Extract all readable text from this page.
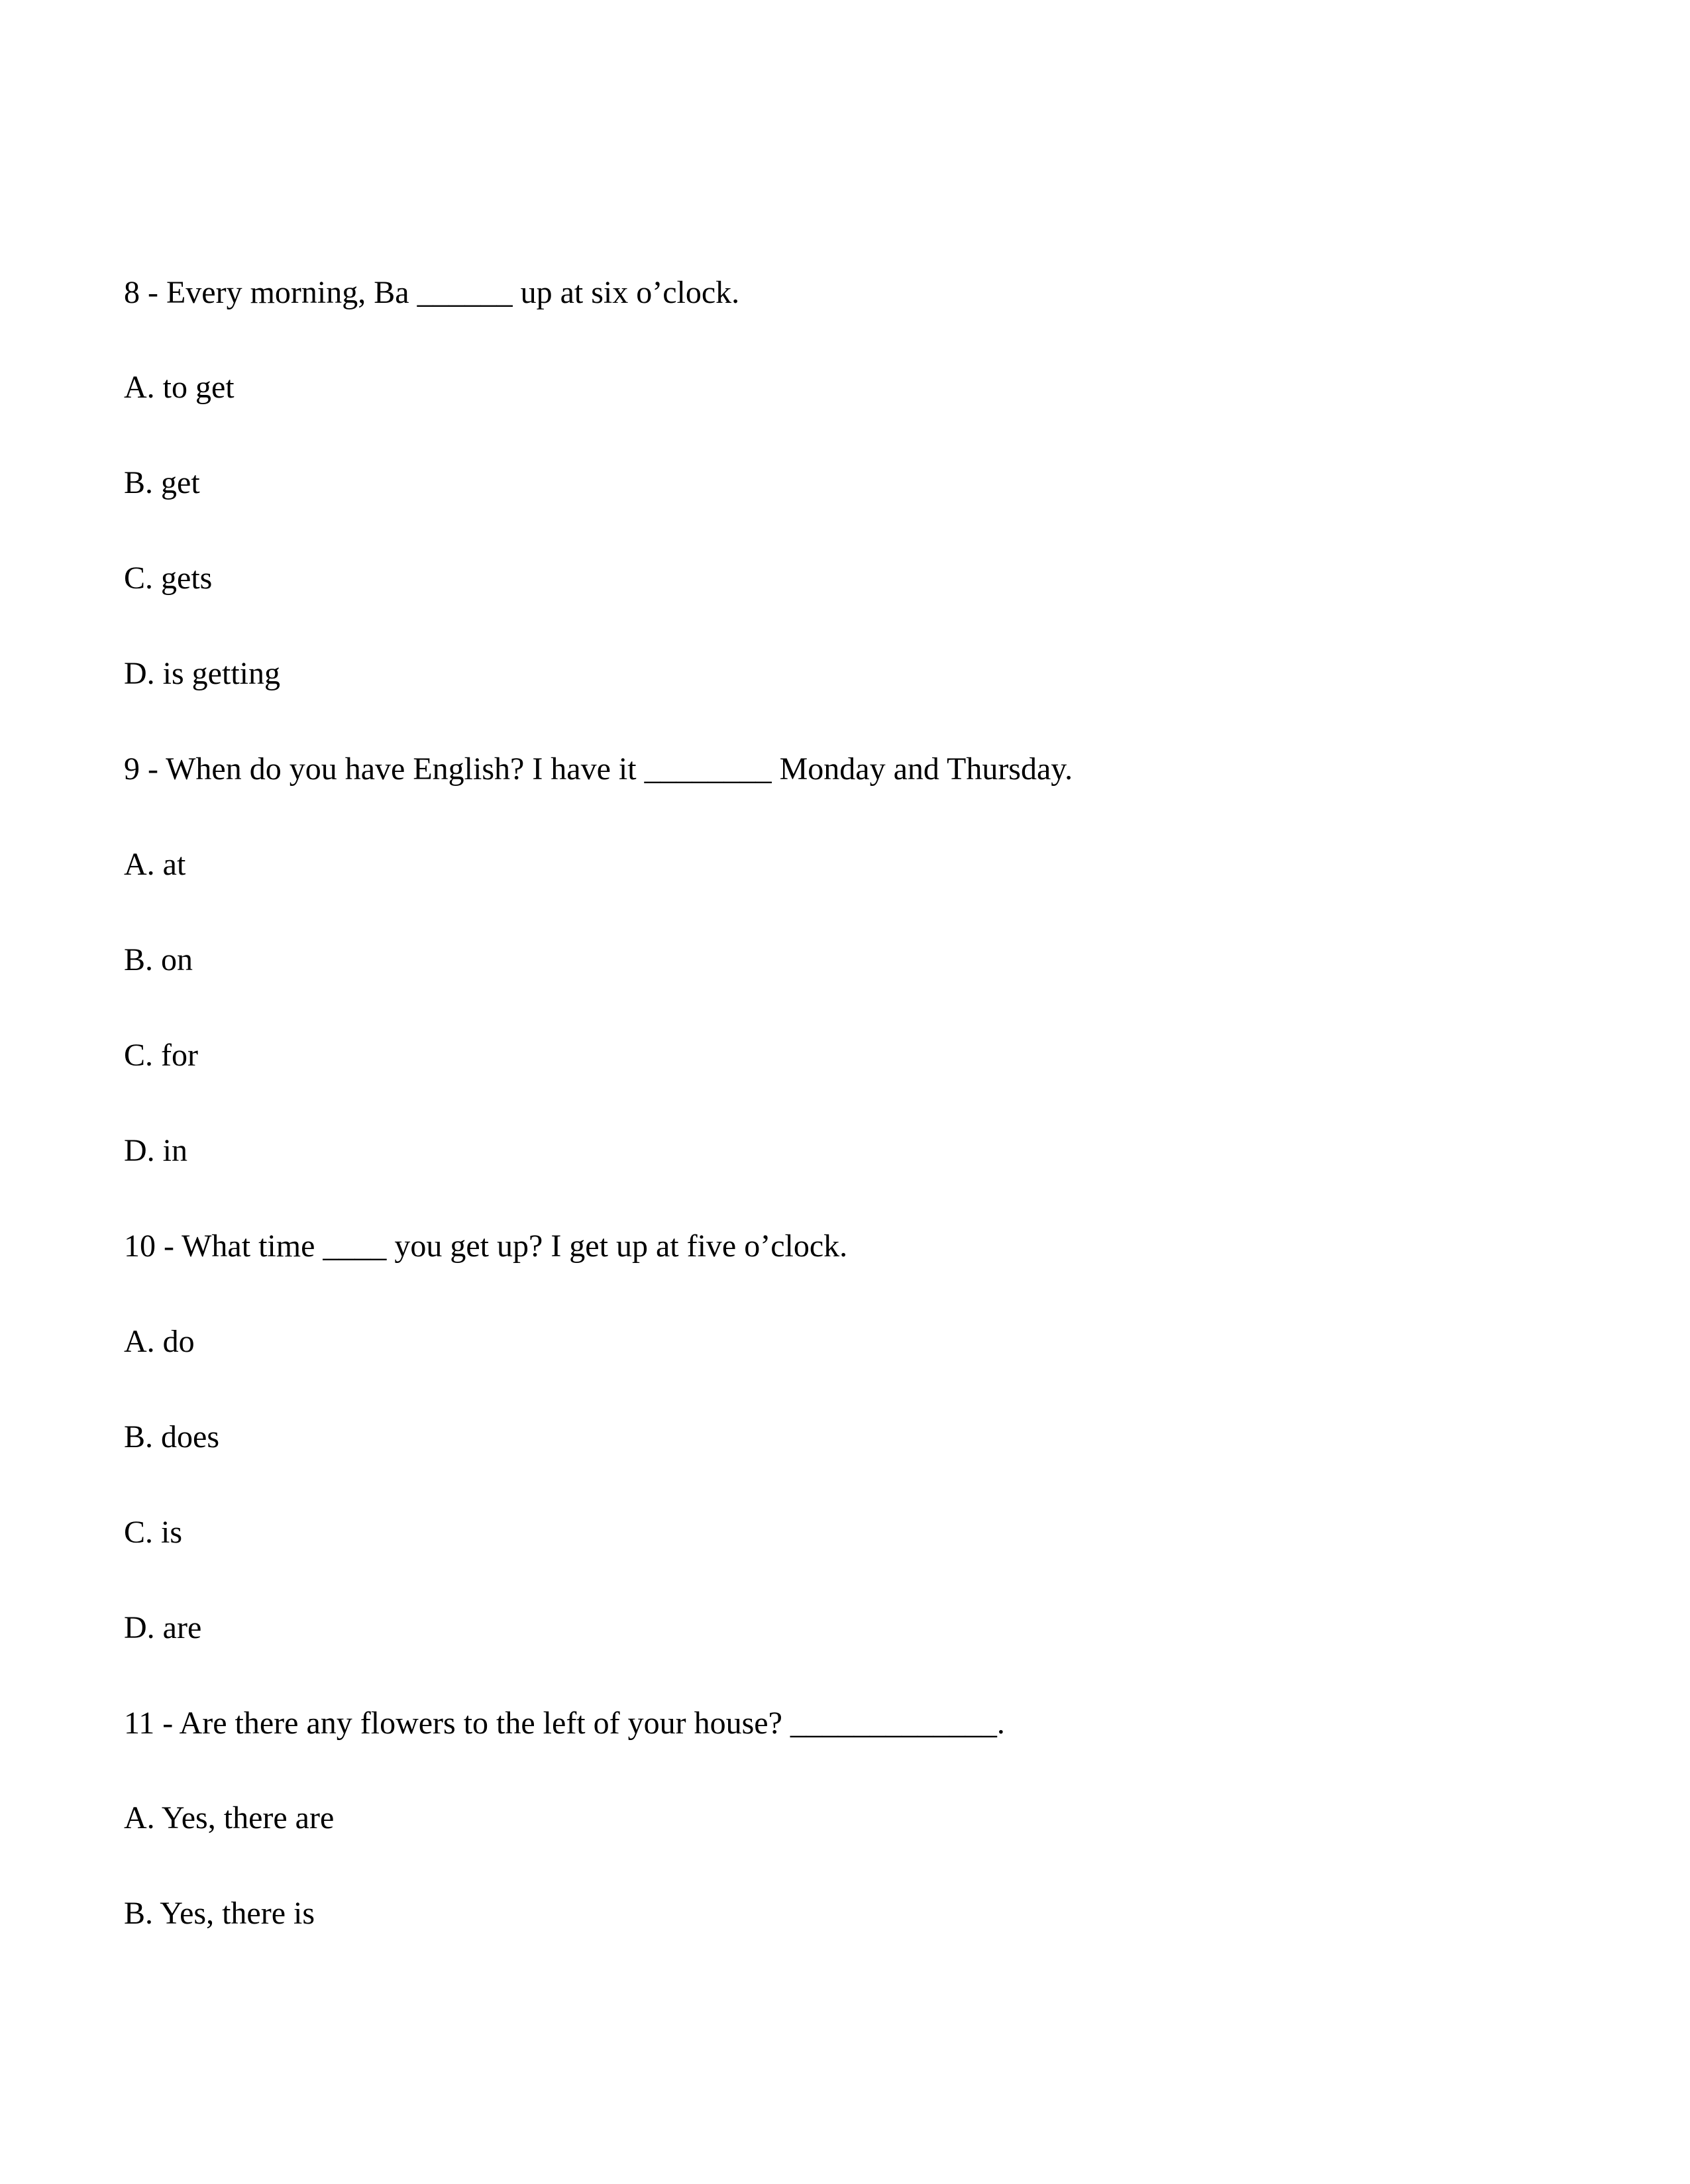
8 - Every morning, Ba ______ up at six o’clock.
A. to get
B. get
C. gets
D. is getting
9 - When do you have English? I have it ________ Monday and Thursday.
A. at
B. on
C. for
D. in
10 - What time ____ you get up? I get up at five o’clock.
A. do
B. does
C. is
D. are
11 - Are there any flowers to the left of your house? _____________.
A. Yes, there are
B. Yes, there is
